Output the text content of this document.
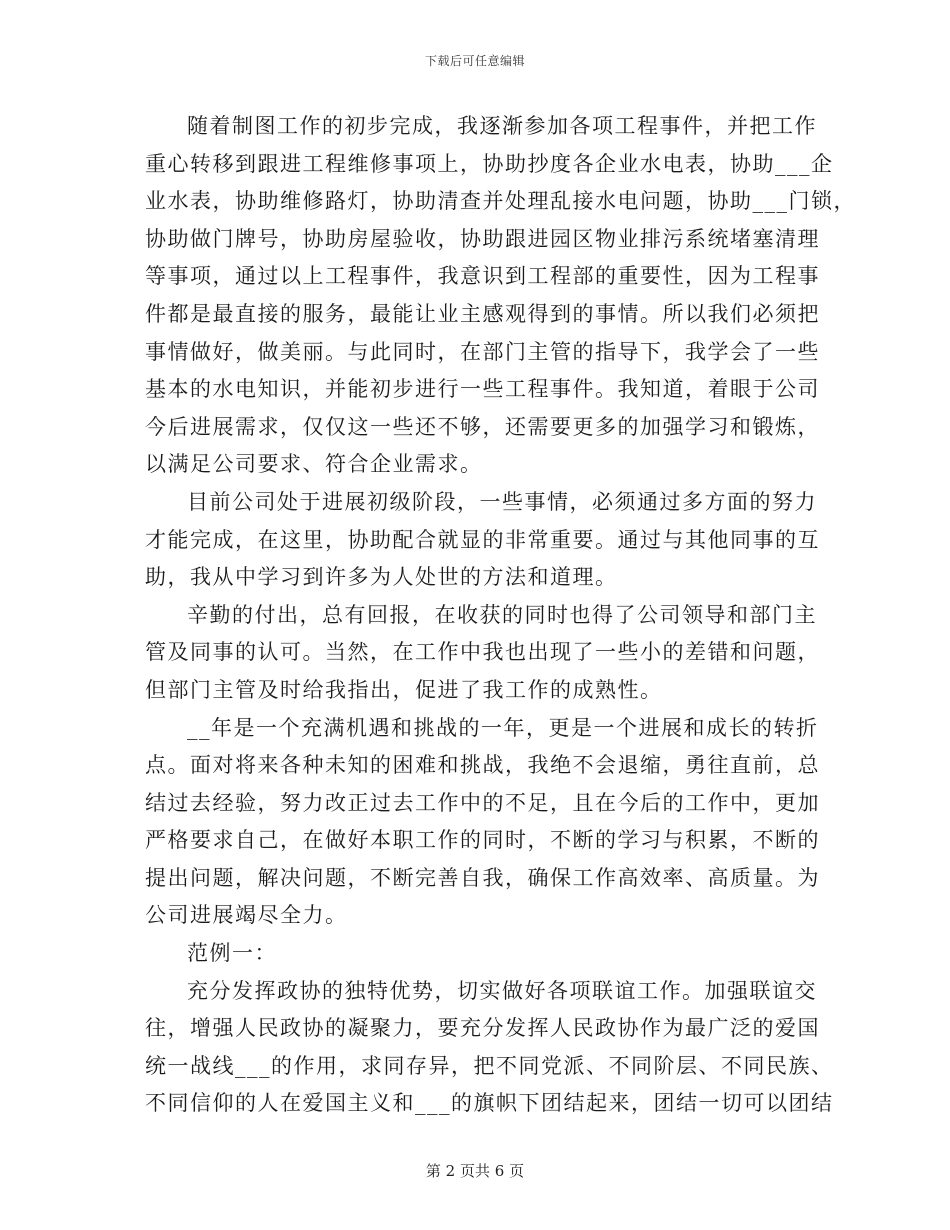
下载后可任意编辑
随着制图工作的初步完成，我逐渐参加各项工程事件，并把工作
重心转移到跟进工程维修事项上，协助抄度各企业水电表，协助___企
业水表，协助维修路灯，协助清查并处理乱接水电问题，协助___门锁，
协助做门牌号，协助房屋验收，协助跟进园区物业排污系统堵塞清理
等事项，通过以上工程事件，我意识到工程部的重要性，因为工程事
件都是最直接的服务，最能让业主感观得到的事情。所以我们必须把
事情做好，做美丽。与此同时，在部门主管的指导下，我学会了一些
基本的水电知识，并能初步进行一些工程事件。我知道，着眼于公司
今后进展需求，仅仅这一些还不够，还需要更多的加强学习和锻炼，
以满足公司要求、符合企业需求。
目前公司处于进展初级阶段，一些事情，必须通过多方面的努力
才能完成，在这里，协助配合就显的非常重要。通过与其他同事的互
助，我从中学习到许多为人处世的方法和道理。
辛勤的付出，总有回报，在收获的同时也得了公司领导和部门主
管及同事的认可。当然，在工作中我也出现了一些小的差错和问题，
但部门主管及时给我指出，促进了我工作的成熟性。
__年是一个充满机遇和挑战的一年，更是一个进展和成长的转折
点。面对将来各种未知的困难和挑战，我绝不会退缩，勇往直前，总
结过去经验，努力改正过去工作中的不足，且在今后的工作中，更加
严格要求自己，在做好本职工作的同时，不断的学习与积累，不断的
提出问题，解决问题，不断完善自我，确保工作高效率、高质量。为
公司进展竭尽全力。
范例一：
充分发挥政协的独特优势，切实做好各项联谊工作。加强联谊交
往，增强人民政协的凝聚力，要充分发挥人民政协作为最广泛的爱国
统一战线___的作用，求同存异，把不同党派、不同阶层、不同民族、
不同信仰的人在爱国主义和___的旗帜下团结起来，团结一切可以团结
第 2 页共 6 页
